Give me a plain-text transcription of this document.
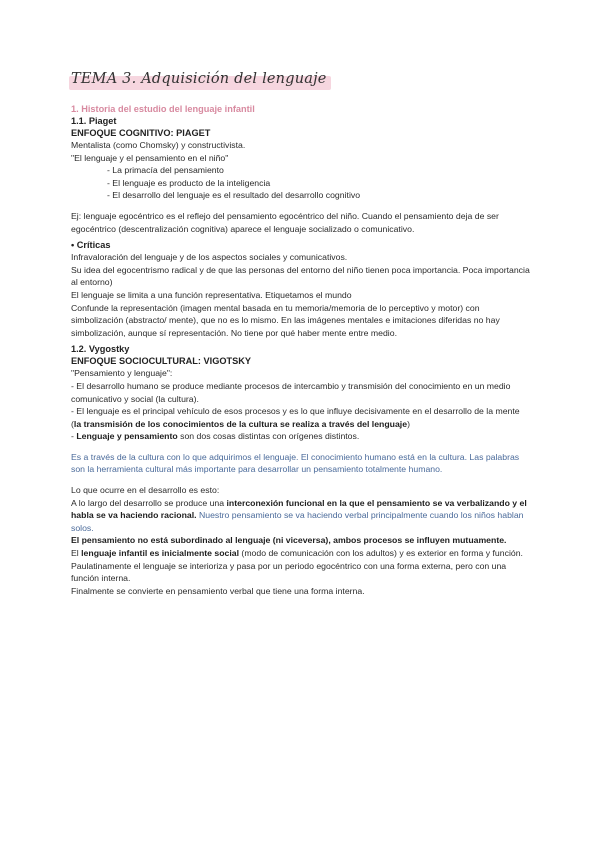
TEMA 3. Adquisición del lenguaje
1. Historia del estudio del lenguaje infantil
1.1. Piaget
ENFOQUE COGNITIVO: PIAGET
Mentalista (como Chomsky) y constructivista.
"El lenguaje y el pensamiento en el niño"
- La primacía del pensamiento
- El lenguaje es producto de la inteligencia
- El desarrollo del lenguaje es el resultado del desarrollo cognitivo
Ej: lenguaje egocéntrico es el reflejo del pensamiento egocéntrico del niño. Cuando el pensamiento deja de ser egocéntrico (descentralización cognitiva) aparece el lenguaje socializado o comunicativo.
• Críticas
Infravaloración del lenguaje y de los aspectos sociales y comunicativos.
Su idea del egocentrismo radical y de que las personas del entorno del niño tienen poca importancia. Poca importancia al entorno)
El lenguaje se limita a una función representativa. Etiquetamos el mundo
Confunde la representación (imagen mental basada en tu memoria/memoria de lo perceptivo y motor) con simbolización (abstracto/ mente), que no es lo mismo. En las imágenes mentales e imitaciones diferidas no hay simbolización, aunque sí representación. No tiene por qué haber mente entre medio.
1.2. Vygostky
ENFOQUE SOCIOCULTURAL: VIGOTSKY
"Pensamiento y lenguaje":
- El desarrollo humano se produce mediante procesos de intercambio y transmisión del conocimiento en un medio comunicativo y social (la cultura).
- El lenguaje es el principal vehículo de esos procesos y es lo que influye decisivamente en el desarrollo de la mente (la transmisión de los conocimientos de la cultura se realiza a través del lenguaje)
- Lenguaje y pensamiento son dos cosas distintas con orígenes distintos.
Es a través de la cultura con lo que adquirimos el lenguaje. El conocimiento humano está en la cultura. Las palabras son la herramienta cultural más importante para desarrollar un pensamiento totalmente humano.
Lo que ocurre en el desarrollo es esto:
A lo largo del desarrollo se produce una interconexión funcional en la que el pensamiento se va verbalizando y el habla se va haciendo racional. Nuestro pensamiento se va haciendo verbal principalmente cuando los niños hablan solos.
El pensamiento no está subordinado al lenguaje (ni viceversa), ambos procesos se influyen mutuamente.
El lenguaje infantil es inicialmente social (modo de comunicación con los adultos) y es exterior en forma y función.
Paulatinamente el lenguaje se interioriza y pasa por un periodo egocéntrico con una forma externa, pero con una función interna.
Finalmente se convierte en pensamiento verbal que tiene una forma interna.
